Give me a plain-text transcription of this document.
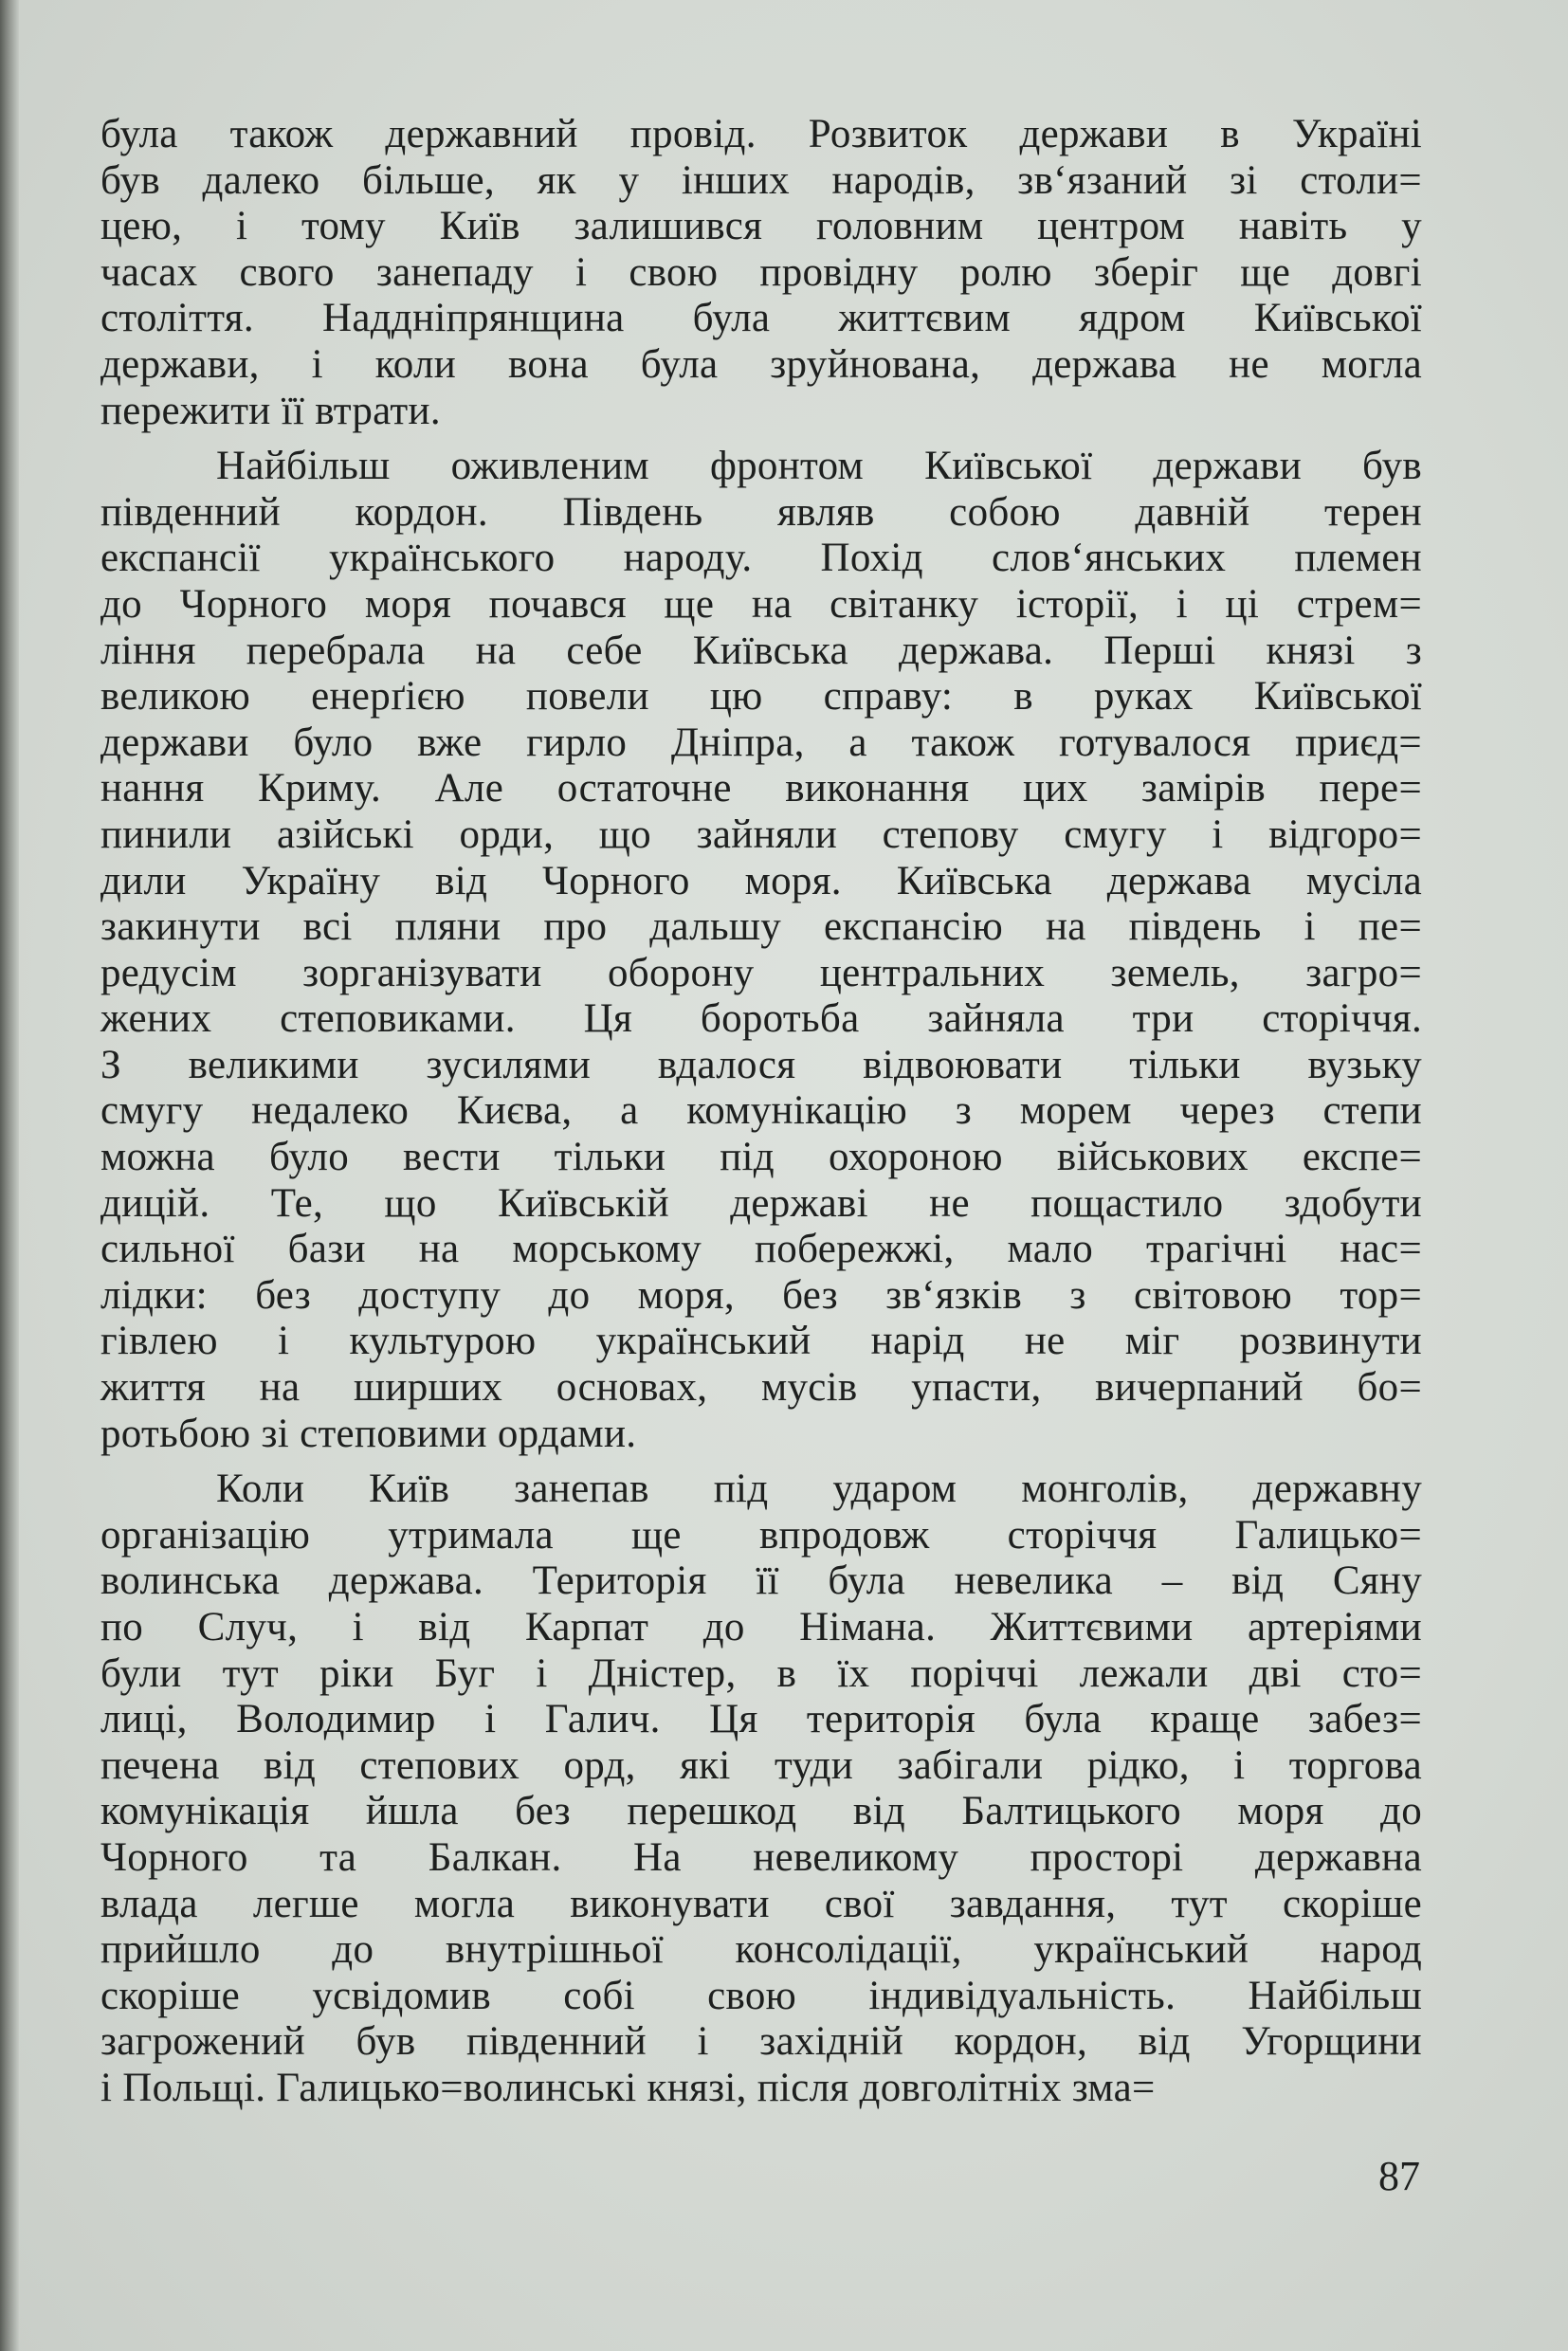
була також державний провід. Розвиток держави в Україні
був далеко більше, як у інших народів, зв‘язаний зі столи=
цею, і тому Київ залишився головним центром навіть у
часах свого занепаду і свою провідну ролю зберіг ще довгі
століття. Наддніпрянщина була життєвим ядром Київської
держави, і коли вона була зруйнована, держава не могла
пережити її втрати.
Найбільш оживленим фронтом Київської держави був
південний кордон. Південь являв собою давній терен
експансії українського народу. Похід слов‘янських племен
до Чорного моря почався ще на світанку історії, і ці стрем=
ління перебрала на себе Київська держава. Перші князі з
великою енерґією повели цю справу: в руках Київської
держави було вже гирло Дніпра, а також готувалося приєд=
нання Криму. Але остаточне виконання цих замірів пере=
пинили азійські орди, що зайняли степову смугу і відгоро=
дили Україну від Чорного моря. Київська держава мусіла
закинути всі пляни про дальшу експансію на південь і пе=
редусім зорганізувати оборону центральних земель, загро=
жених степовиками. Ця боротьба зайняла три сторіччя.
З великими зусилями вдалося відвоювати тільки вузьку
смугу недалеко Києва, а комунікацію з морем через степи
можна було вести тільки під охороною військових експе=
дицій. Те, що Київській державі не пощастило здобути
сильної бази на морському побережжі, мало трагічні нас=
лідки: без доступу до моря, без зв‘язків з світовою тор=
гівлею і культурою український нарід не міг розвинути
життя на ширших основах, мусів упасти, вичерпаний бо=
ротьбою зі степовими ордами.
Коли Київ занепав під ударом монголів, державну
організацію утримала ще впродовж сторіччя Галицько=
волинська держава. Територія її була невелика – від Сяну
по Случ, і від Карпат до Німана. Життєвими артеріями
були тут ріки Буг і Дністер, в їх поріччі лежали дві сто=
лиці, Володимир і Галич. Ця територія була краще забез=
печена від степових орд, які туди забігали рідко, і торгова
комунікація йшла без перешкод від Балтицького моря до
Чорного та Балкан. На невеликому просторі державна
влада легше могла виконувати свої завдання, тут скоріше
прийшло до внутрішньої консолідації, український народ
скоріше усвідомив собі свою індивідуальність. Найбільш
загрожений був південний і західній кордон, від Угорщини
і Польщі. Галицько=волинські князі, після довголітніх зма=
87
